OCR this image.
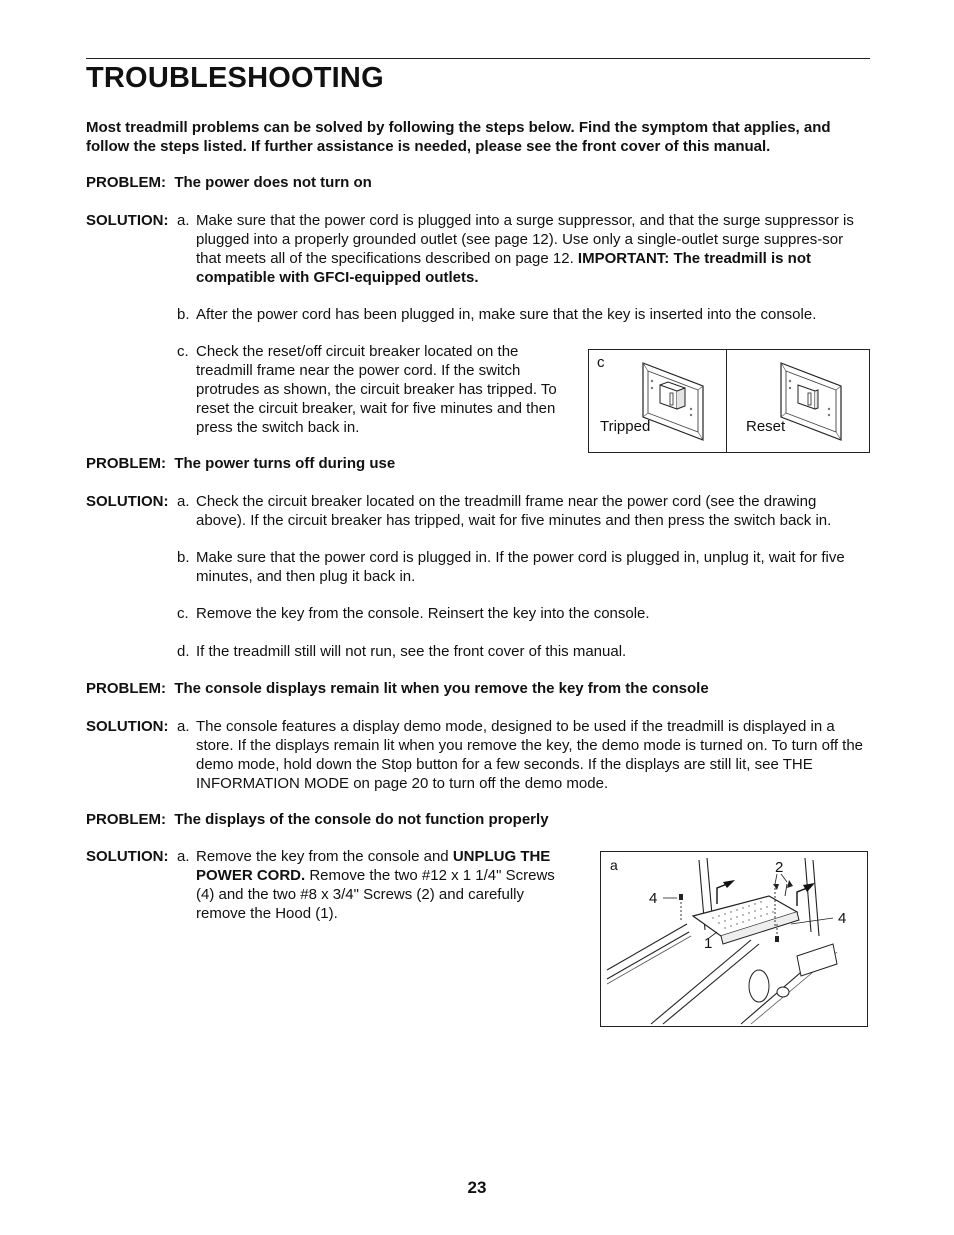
TROUBLESHOOTING
Most treadmill problems can be solved by following the steps below. Find the symptom that applies, and follow the steps listed. If further assistance is needed, please see the front cover of this manual.
PROBLEM: The power does not turn on
SOLUTION: a. Make sure that the power cord is plugged into a surge suppressor, and that the surge suppressor is plugged into a properly grounded outlet (see page 12). Use only a single-outlet surge suppres-sor that meets all of the specifications described on page 12. IMPORTANT: The treadmill is not compatible with GFCI-equipped outlets.
b. After the power cord has been plugged in, make sure that the key is inserted into the console.
c. Check the reset/off circuit breaker located on the treadmill frame near the power cord. If the switch protrudes as shown, the circuit breaker has tripped. To reset the circuit breaker, wait for five minutes and then press the switch back in.
c
Tripped	Reset
PROBLEM: The power turns off during use
SOLUTION: a. Check the circuit breaker located on the treadmill frame near the power cord (see the drawing above). If the circuit breaker has tripped, wait for five minutes and then press the switch back in.
b. Make sure that the power cord is plugged in. If the power cord is plugged in, unplug it, wait for five minutes, and then plug it back in.
c. Remove the key from the console. Reinsert the key into the console.
d. If the treadmill still will not run, see the front cover of this manual.
PROBLEM: The console displays remain lit when you remove the key from the console
SOLUTION: a. The console features a display demo mode, designed to be used if the treadmill is displayed in a store. If the displays remain lit when you remove the key, the demo mode is turned on. To turn off the demo mode, hold down the Stop button for a few seconds. If the displays are still lit, see THE INFORMATION MODE on page 20 to turn off the demo mode.
PROBLEM: The displays of the console do not function properly
SOLUTION: a. Remove the key from the console and UNPLUG THE POWER CORD. Remove the two #12 x 1 1/4" Screws (4) and the two #8 x 3/4" Screws (2) and carefully remove the Hood (1).
a
4
2
4
1
23
